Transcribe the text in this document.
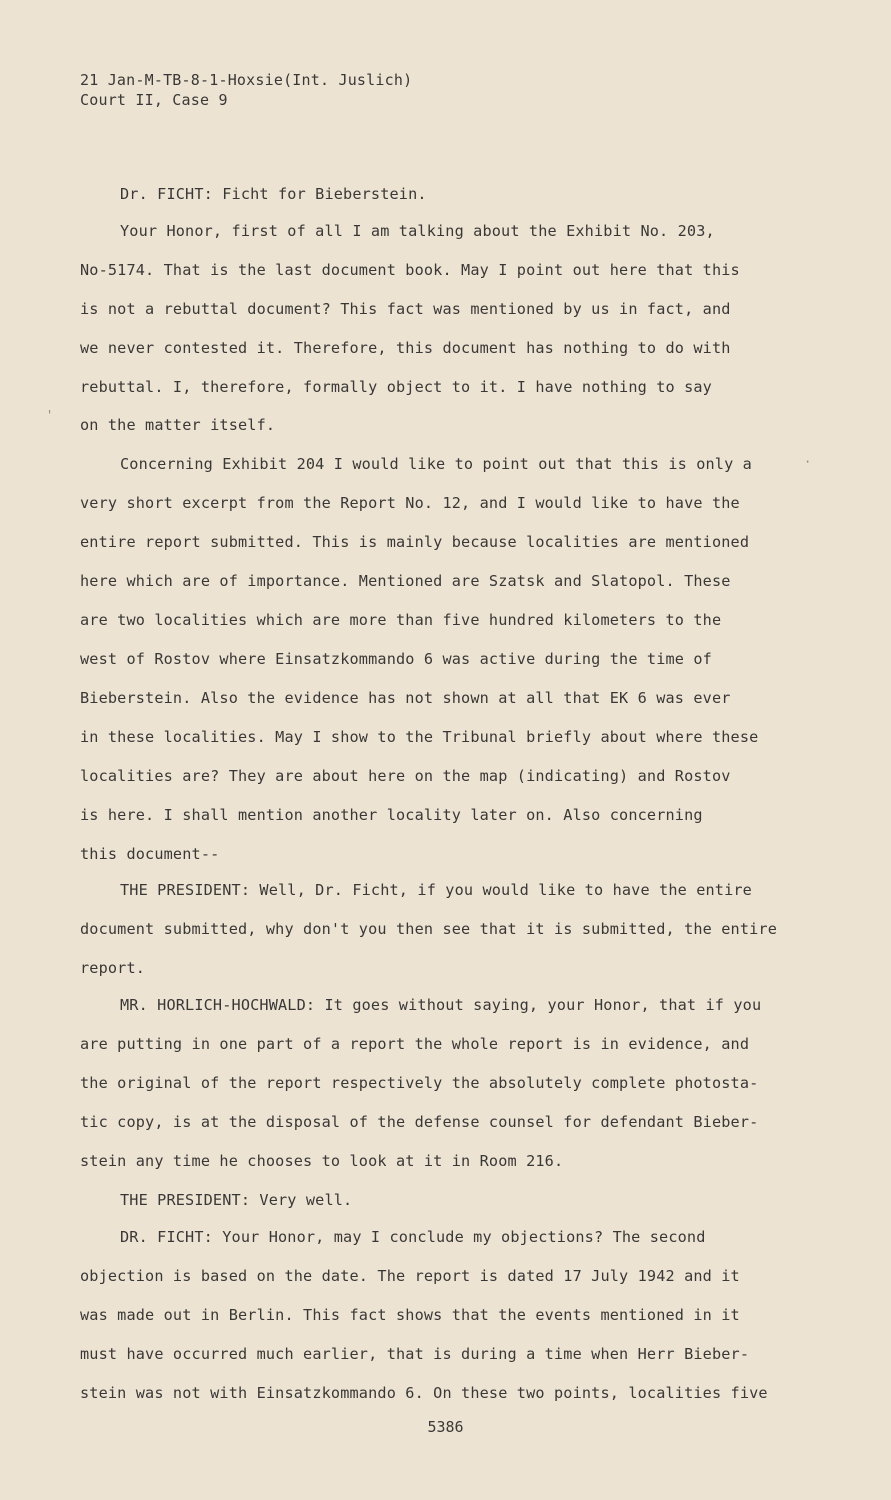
21 Jan-M-TB-8-1-Hoxsie(Int. Juslich)
Court II, Case 9
Dr. FICHT: Ficht for Bieberstein.
Your Honor, first of all I am talking about the Exhibit No. 203,
No-5174. That is the last document book. May I point out here that this
is not a rebuttal document? This fact was mentioned by us in fact, and
we never contested it. Therefore, this document has nothing to do with
rebuttal. I, therefore, formally object to it. I have nothing to say
on the matter itself.
Concerning Exhibit 204 I would like to point out that this is only a
very short excerpt from the Report No. 12, and I would like to have the
entire report submitted. This is mainly because localities are mentioned
here which are of importance. Mentioned are Szatsk and Slatopol. These
are two localities which are more than five hundred kilometers to the
west of Rostov where Einsatzkommando 6 was active during the time of
Bieberstein. Also the evidence has not shown at all that EK 6 was ever
in these localities. May I show to the Tribunal briefly about where these
localities are? They are about here on the map (indicating) and Rostov
is here. I shall mention another locality later on. Also concerning
this document--
THE PRESIDENT: Well, Dr. Ficht, if you would like to have the entire
document submitted, why don't you then see that it is submitted, the entire
report.
MR. HORLICH-HOCHWALD: It goes without saying, your Honor, that if you
are putting in one part of a report the whole report is in evidence, and
the original of the report respectively the absolutely complete photosta-
tic copy, is at the disposal of the defense counsel for defendant Bieber-
stein any time he chooses to look at it in Room 216.
THE PRESIDENT: Very well.
DR. FICHT: Your Honor, may I conclude my objections? The second
objection is based on the date. The report is dated 17 July 1942 and it
was made out in Berlin. This fact shows that the events mentioned in it
must have occurred much earlier, that is during a time when Herr Bieber-
stein was not with Einsatzkommando 6. On these two points, localities five
'
·
5386
